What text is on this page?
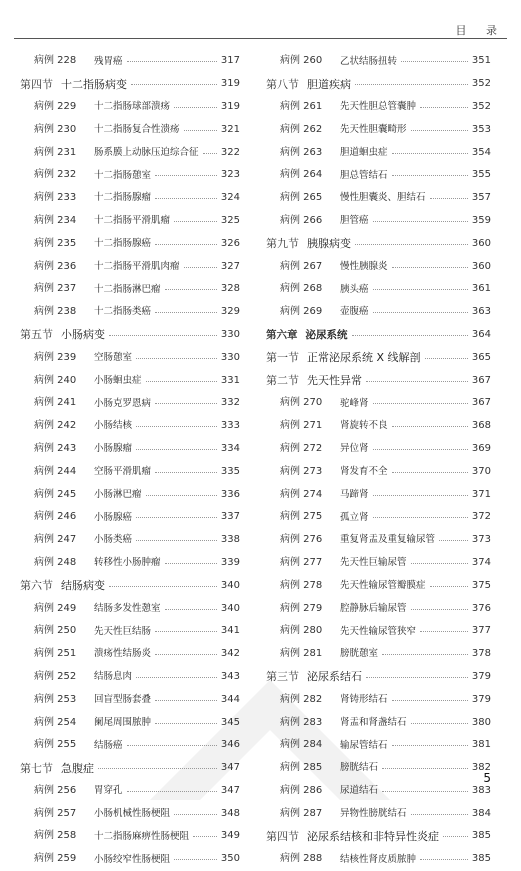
目 录
病例 228	残胃癌	317
第四节 十二指肠病变	319
病例 229	十二指肠球部溃疡	319
病例 230	十二指肠复合性溃疡	321
病例 231	肠系膜上动脉压迫综合征 322
病例 232	十二指肠憩室	323
病例 233	十二指肠腺瘤	324
病例 234	十二指肠平滑肌瘤	325
病例 235	十二指肠腺癌	326
病例 236	十二指肠平滑肌肉瘤	327
病例 237	十二指肠淋巴瘤	328
病例 238	十二指肠类癌	329
第五节 小肠病变	330
病例 239	空肠憩室	330
病例 240	小肠蛔虫症	331
病例 241	小肠克罗恩病	332
病例 242	小肠结核	333
病例 243	小肠腺瘤	334
病例 244	空肠平滑肌瘤	335
病例 245	小肠淋巴瘤	336
病例 246	小肠腺癌	337
病例 247	小肠类癌	338
病例 248	转移性小肠肿瘤	339
第六节 结肠病变	340
病例 249	结肠多发性憩室	340
病例 250	先天性巨结肠	341
病例 251	溃疡性结肠炎	342
病例 252	结肠息肉	343
病例 253	回盲型肠套叠	344
病例 254	阑尾周围脓肿	345
病例 255	结肠癌	346
第七节 急腹症	347
病例 256	胃穿孔	347
病例 257	小肠机械性肠梗阻	348
病例 258	十二指肠麻痹性肠梗阻	349
病例 259	小肠绞窄性肠梗阻	350
病例 260	乙状结肠扭转	351
第八节 胆道疾病	352
病例 261	先天性胆总管囊肿	352
病例 262	先天性胆囊畸形	353
病例 263	胆道蛔虫症	354
病例 264	胆总管结石	355
病例 265	慢性胆囊炎、胆结石	357
病例 266	胆管癌	359
第九节 胰腺病变	360
病例 267	慢性胰腺炎	360
病例 268	胰头癌	361
病例 269	壶腹癌	363
第六章 泌尿系统	364
第一节 正常泌尿系统 X 线解剖	365
第二节 先天性异常	367
病例 270	驼峰肾	367
病例 271	肾旋转不良	368
病例 272	异位肾	369
病例 273	肾发育不全	370
病例 274	马蹄肾	371
病例 275	孤立肾	372
病例 276	重复肾盂及重复输尿管	373
病例 277	先天性巨输尿管	374
病例 278	先天性输尿管瓣膜症	375
病例 279	腔静脉后输尿管	376
病例 280	先天性输尿管狭窄	377
病例 281	膀胱憩室	378
第三节 泌尿系结石	379
病例 282	肾铸形结石	379
病例 283	肾盂和肾盏结石	380
病例 284	输尿管结石	381
病例 285	膀胱结石	382
病例 286	尿道结石	383
病例 287	异物性膀胱结石	384
第四节 泌尿系结核和非特异性炎症	385
病例 288	结核性肾皮质脓肿	385
5
